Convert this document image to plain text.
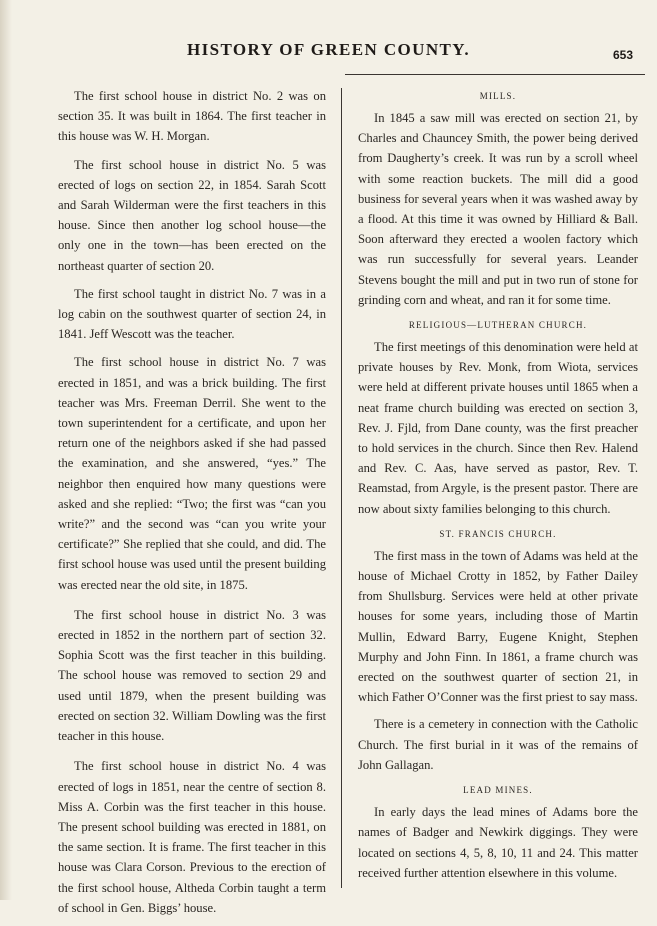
HISTORY OF GREEN COUNTY.	653

The first school house in district No. 2 was on section 35. It was built in 1864. The first teacher in this house was W. H. Morgan.

The first school house in district No. 5 was erected of logs on section 22, in 1854. Sarah Scott and Sarah Wilderman were the first teachers in this house. Since then another log school house—the only one in the town—has been erected on the northeast quarter of section 20.

The first school taught in district No. 7 was in a log cabin on the southwest quarter of section 24, in 1841. Jeff Wescott was the teacher.

The first school house in district No. 7 was erected in 1851, and was a brick building. The first teacher was Mrs. Freeman Derril. She went to the town superintendent for a certificate, and upon her return one of the neighbors asked if she had passed the examination, and she answered, “yes.” The neighbor then enquired how many questions were asked and she replied: “Two; the first was “can you write?” and the second was “can you write your certificate?” She replied that she could, and did. The first school house was used until the present building was erected near the old site, in 1875.

The first school house in district No. 3 was erected in 1852 in the northern part of section 32. Sophia Scott was the first teacher in this building. The school house was removed to section 29 and used until 1879, when the present building was erected on section 32. William Dowling was the first teacher in this house.

The first school house in district No. 4 was erected of logs in 1851, near the centre of section 8. Miss A. Corbin was the first teacher in this house. The present school building was erected in 1881, on the same section. It is frame. The first teacher in this house was Clara Corson. Previous to the erection of the first school house, Altheda Corbin taught a term of school in Gen. Biggs’ house.

MILLS.

In 1845 a saw mill was erected on section 21, by Charles and Chauncey Smith, the power being derived from Daugherty’s creek. It was run by a scroll wheel with some reaction buckets. The mill did a good business for several years when it was washed away by a flood. At this time it was owned by Hilliard & Ball. Soon afterward they erected a woolen factory which was run successfully for several years. Leander Stevens bought the mill and put in two run of stone for grinding corn and wheat, and ran it for some time.

RELIGIOUS—LUTHERAN CHURCH.

The first meetings of this denomination were held at private houses by Rev. Monk, from Wiota, services were held at different private houses until 1865 when a neat frame church building was erected on section 3, Rev. J. Fjld, from Dane county, was the first preacher to hold services in the church. Since then Rev. Halend and Rev. C. Aas, have served as pastor, Rev. T. Reamstad, from Argyle, is the present pastor. There are now about sixty families belonging to this church.

ST. FRANCIS CHURCH.

The first mass in the town of Adams was held at the house of Michael Crotty in 1852, by Father Dailey from Shullsburg. Services were held at other private houses for some years, including those of Martin Mullin, Edward Barry, Eugene Knight, Stephen Murphy and John Finn. In 1861, a frame church was erected on the southwest quarter of section 21, in which Father O’Conner was the first priest to say mass.

There is a cemetery in connection with the Catholic Church. The first burial in it was of the remains of John Gallagan.

LEAD MINES.

In early days the lead mines of Adams bore the names of Badger and Newkirk diggings. They were located on sections 4, 5, 8, 10, 11 and 24. This matter received further attention elsewhere in this volume.
